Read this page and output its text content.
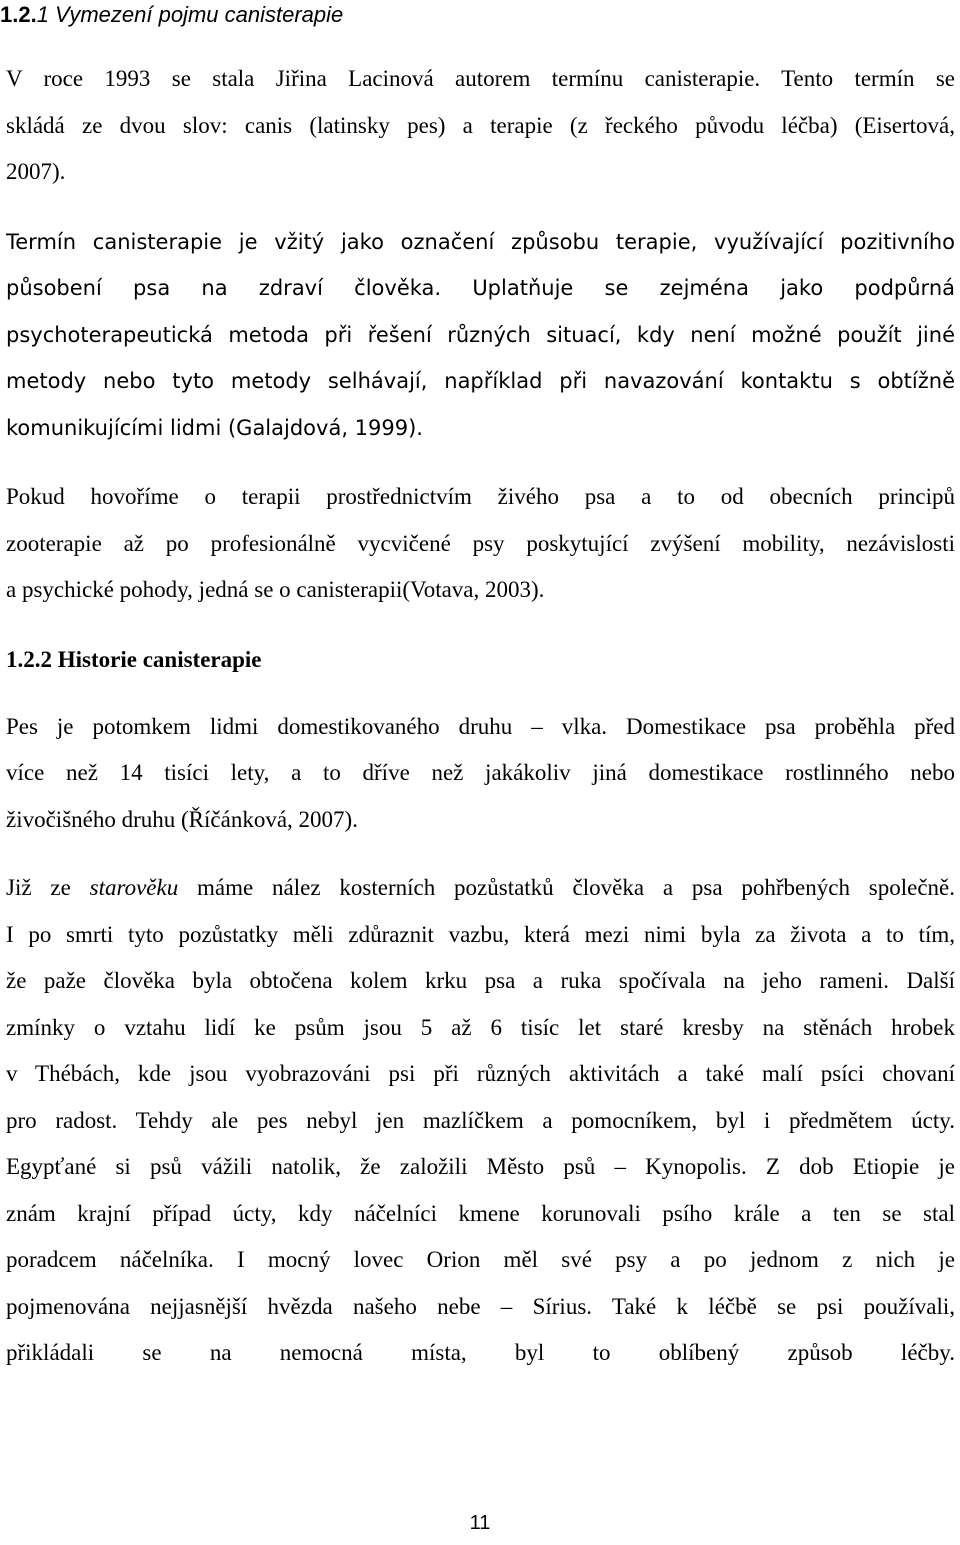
1.2.1 Vymezení pojmu canisterapie

V roce 1993 se stala Jiřina Lacinová autorem termínu canisterapie. Tento termín se

skládá ze dvou slov: canis (latinsky pes) a terapie (z řeckého původu léčba) (Eisertová,

2007).

Termín canisterapie je vžitý jako označení způsobu terapie, využívající pozitivního

působení psa na zdraví člověka. Uplatňuje se zejména jako podpůrná

psychoterapeutická metoda při řešení různých situací, kdy není možné použít jiné

metody nebo tyto metody selhávají, například při navazování kontaktu s obtížně

komunikujícími lidmi (Galajdová, 1999).

Pokud hovoříme o terapii prostřednictvím živého psa a to od obecních principů

zooterapie až po profesionálně vycvičené psy poskytující zvýšení mobility, nezávislosti

a psychické pohody, jedná se o canisterapii(Votava, 2003).

1.2.2 Historie canisterapie

Pes je potomkem lidmi domestikovaného druhu – vlka. Domestikace psa proběhla před

více než 14 tisíci lety, a to dříve než jakákoliv jiná domestikace rostlinného nebo

živočišného druhu (Říčánková, 2007).

Již ze starověku máme nález kosterních pozůstatků člověka a psa pohřbených společně.

I po smrti tyto pozůstatky měli zdůraznit vazbu, která mezi nimi byla za života a to tím,

že paže člověka byla obtočena kolem krku psa a ruka spočívala na jeho rameni. Další

zmínky o vztahu lidí ke psům jsou 5 až 6 tisíc let staré kresby na stěnách hrobek

v Thébách, kde jsou vyobrazováni psi při různých aktivitách a také malí psíci chovaní

pro radost. Tehdy ale pes nebyl jen mazlíčkem a pomocníkem, byl i předmětem úcty.

Egypťané si psů vážili natolik, že založili Město psů – Kynopolis. Z dob Etiopie je

znám krajní případ úcty, kdy náčelníci kmene korunovali psího krále a ten se stal

poradcem náčelníka. I mocný lovec Orion měl své psy a po jednom z nich je

pojmenována nejjasnější hvězda našeho nebe – Sírius. Také k léčbě se psi používali,

přikládali se na nemocná místa, byl to oblíbený způsob léčby.

11
